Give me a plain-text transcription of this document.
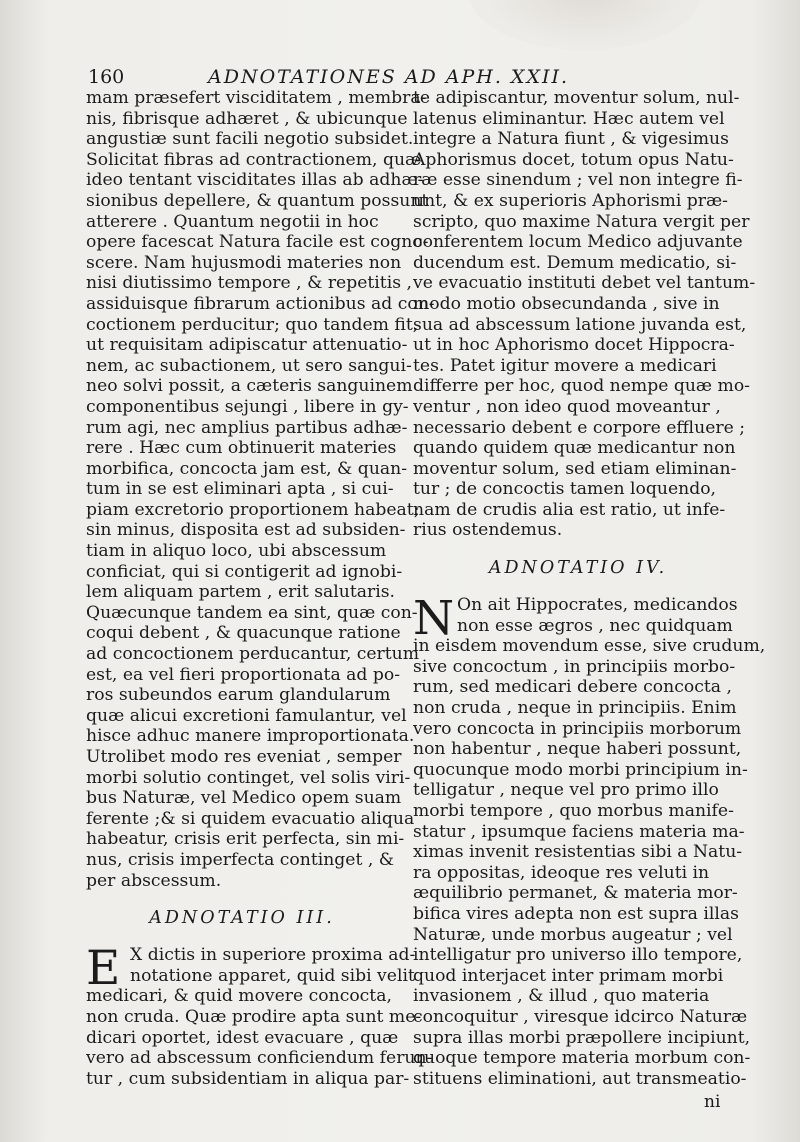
160	ADNOTATIONES AD APH. XXII.
mam præsefert visciditatem , membra-
nis, fibrisque adhæret , & ubicunque
angustiæ sunt facili negotio subsidet.
Solicitat fibras ad contractionem, quæ
ideo tentant visciditates illas ab adhæ-
sionibus depellere, & quantum possunt
atterere . Quantum negotii in hoc
opere facescat Natura facile est cogno-
scere. Nam hujusmodi materies non
nisi diutissimo tempore , & repetitis ,
assiduisque fibrarum actionibus ad con-
coctionem perducitur; quo tandem fit,
ut requisitam adipiscatur attenuatio-
nem, ac subactionem, ut sero sangui-
neo solvi possit, a cæteris sanguinem
componentibus sejungi , libere in gy-
rum agi, nec amplius partibus adhæ-
rere . Hæc cum obtinuerit materies
morbifica, concocta jam est, & quan-
tum in se est eliminari apta , si cui-
piam excretorio proportionem habeat;
sin minus, disposita est ad subsiden-
tiam in aliquo loco, ubi abscessum
conficiat, qui si contigerit ad ignobi-
lem aliquam partem , erit salutaris.
Quæcunque tandem ea sint, quæ con-
coqui debent , & quacunque ratione
ad concoctionem perducantur, certum
est, ea vel fieri proportionata ad po-
ros subeundos earum glandularum
quæ alicui excretioni famulantur, vel
hisce adhuc manere improportionata.
Utrolibet modo res eveniat , semper
morbi solutio continget, vel solis viri-
bus Naturæ, vel Medico opem suam
ferente ;& si quidem evacuatio aliqua
habeatur, crisis erit perfecta, sin mi-
nus, crisis imperfecta continget , &
per abscessum.
ADNOTATIO III.
E X dictis in superiore proxima ad-
notatione apparet, quid sibi velit
medicari, & quid movere concocta,
non cruda. Quæ prodire apta sunt me-
dicari oportet, idest evacuare , quæ
vero ad abscessum conficiendum ferun-
tur , cum subsidentiam in aliqua par-
te adipiscantur, moventur solum, nul-
latenus eliminantur. Hæc autem vel
integre a Natura fiunt , & vigesimus
Aphorismus docet, totum opus Natu-
ræ esse sinendum ; vel non integre fi-
unt, & ex superioris Aphorismi præ-
scripto, quo maxime Natura vergit per
conferentem locum Medico adjuvante
ducendum est. Demum medicatio, si-
ve evacuatio instituti debet vel tantum-
modo motio obsecundanda , sive in
sua ad abscessum latione juvanda est,
ut in hoc Aphorismo docet Hippocra-
tes. Patet igitur movere a medicari
differre per hoc, quod nempe quæ mo-
ventur , non ideo quod moveantur ,
necessario debent e corpore effluere ;
quando quidem quæ medicantur non
moventur solum, sed etiam eliminan-
tur ; de concoctis tamen loquendo,
nam de crudis alia est ratio, ut infe-
rius ostendemus.
ADNOTATIO IV.
N On ait Hippocrates, medicandos
non esse ægros , nec quidquam
in eisdem movendum esse, sive crudum,
sive concoctum , in principiis morbo-
rum, sed medicari debere concocta ,
non cruda , neque in principiis. Enim
vero concocta in principiis morborum
non habentur , neque haberi possunt,
quocunque modo morbi principium in-
telligatur , neque vel pro primo illo
morbi tempore , quo morbus manife-
statur , ipsumque faciens materia ma-
ximas invenit resistentias sibi a Natu-
ra oppositas, ideoque res veluti in
æquilibrio permanet, & materia mor-
bifica vires adepta non est supra illas
Naturæ, unde morbus augeatur ; vel
intelligatur pro universo illo tempore,
quod interjacet inter primam morbi
invasionem , & illud , quo materia
concoquitur , viresque idcirco Naturæ
supra illas morbi præpollere incipiunt,
quoque tempore materia morbum con-
stituens eliminationi, aut transmeatio-
ni
